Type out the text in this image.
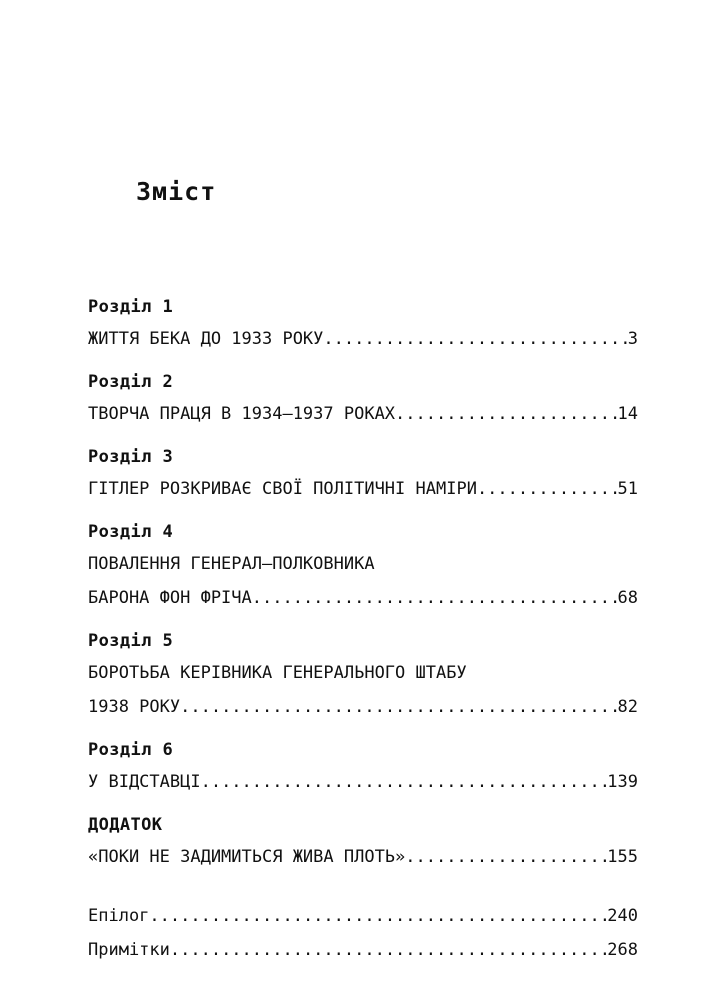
Зміст
Розділ 1
ЖИТТЯ БЕКА ДО 1933 РОКУ .....	3
Розділ 2
ТВОРЧА ПРАЦЯ В 1934–1937 РОКАХ .....	14
Розділ 3
ГІТЛЕР РОЗКРИВАЄ СВОЇ ПОЛІТИЧНІ НАМІРИ .....	51
Розділ 4
ПОВАЛЕННЯ ГЕНЕРАЛ–ПОЛКОВНИКА
БАРОНА ФОН ФРІЧА .....	68
Розділ 5
БОРОТЬБА КЕРІВНИКА ГЕНЕРАЛЬНОГО ШТАБУ
1938 РОКУ .....	82
Розділ 6
У ВІДСТАВЦІ .....	139
ДОДАТОК
«ПОКИ НЕ ЗАДИМИТЬСЯ ЖИВА ПЛОТЬ» .....	155
Епілог .....	240
Примітки .....	268
